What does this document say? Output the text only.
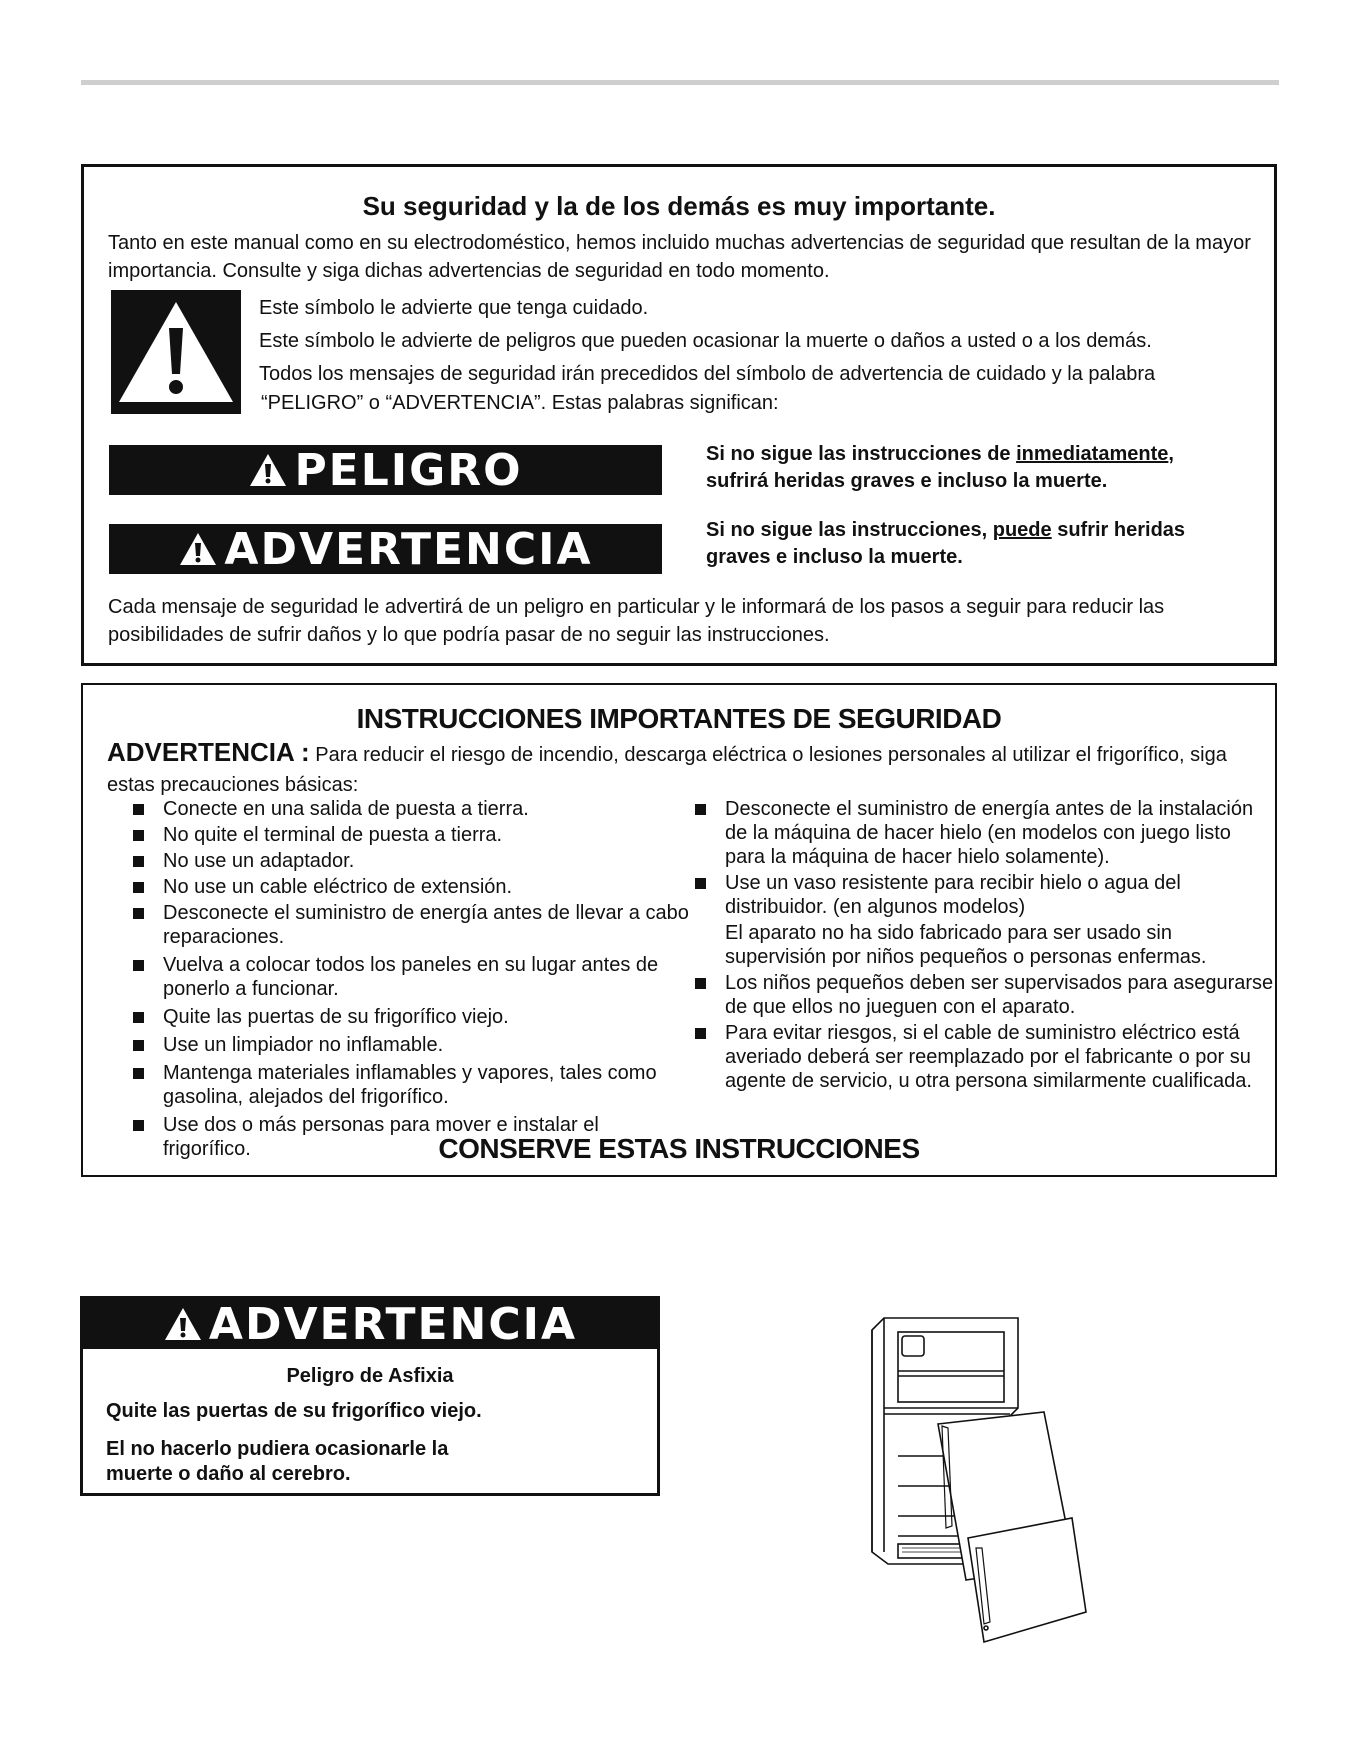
Su seguridad y la de los demás es muy importante.
Tanto en este manual como en su electrodoméstico, hemos incluido muchas advertencias de seguridad que resultan de la mayor importancia. Consulte y siga dichas advertencias de seguridad en todo momento.
Este símbolo le advierte que tenga cuidado.
Este símbolo le advierte de peligros que pueden ocasionar la muerte o daños a usted o a los demás.
Todos los mensajes de seguridad irán precedidos del símbolo de advertencia de cuidado y la palabra
“PELIGRO” o “ADVERTENCIA”. Estas palabras significan:
PELIGRO	Si no sigue las instrucciones de inmediatamente,
sufrirá heridas graves e incluso la muerte.
ADVERTENCIA	Si no sigue las instrucciones, puede sufrir heridas
graves e incluso la muerte.
Cada mensaje de seguridad le advertirá de un peligro en particular y le informará de los pasos a seguir para reducir las posibilidades de sufrir daños y lo que podría pasar de no seguir las instrucciones.
INSTRUCCIONES IMPORTANTES DE SEGURIDAD
ADVERTENCIA : Para reducir el riesgo de incendio, descarga eléctrica o lesiones personales al utilizar el frigorífico, siga estas precauciones básicas:
Conecte en una salida de puesta a tierra.
No quite el terminal de puesta a tierra.
No use un adaptador.
No use un cable eléctrico de extensión.
Desconecte el suministro de energía antes de llevar a cabo reparaciones.
Vuelva a colocar todos los paneles en su lugar antes de ponerlo a funcionar.
Quite las puertas de su frigorífico viejo.
Use un limpiador no inflamable.
Mantenga materiales inflamables y vapores, tales como gasolina, alejados del frigorífico.
Use dos o más personas para mover e instalar el frigorífico.
Desconecte el suministro de energía antes de la instalación de la máquina de hacer hielo (en modelos con juego listo para la máquina de hacer hielo solamente).
Use un vaso resistente para recibir hielo o agua del distribuidor. (en algunos modelos)
El aparato no ha sido fabricado para ser usado sin supervisión por niños pequeños o personas enfermas.
Los niños pequeños deben ser supervisados para asegurarse de que ellos no jueguen con el aparato.
Para evitar riesgos, si el cable de suministro eléctrico está averiado deberá ser reemplazado por el fabricante o por su agente de servicio, u otra persona similarmente cualificada.
CONSERVE ESTAS INSTRUCCIONES
ADVERTENCIA
Peligro de Asfixia
Quite las puertas de su frigorífico viejo.
El no hacerlo pudiera ocasionarle la muerte o daño al cerebro.
